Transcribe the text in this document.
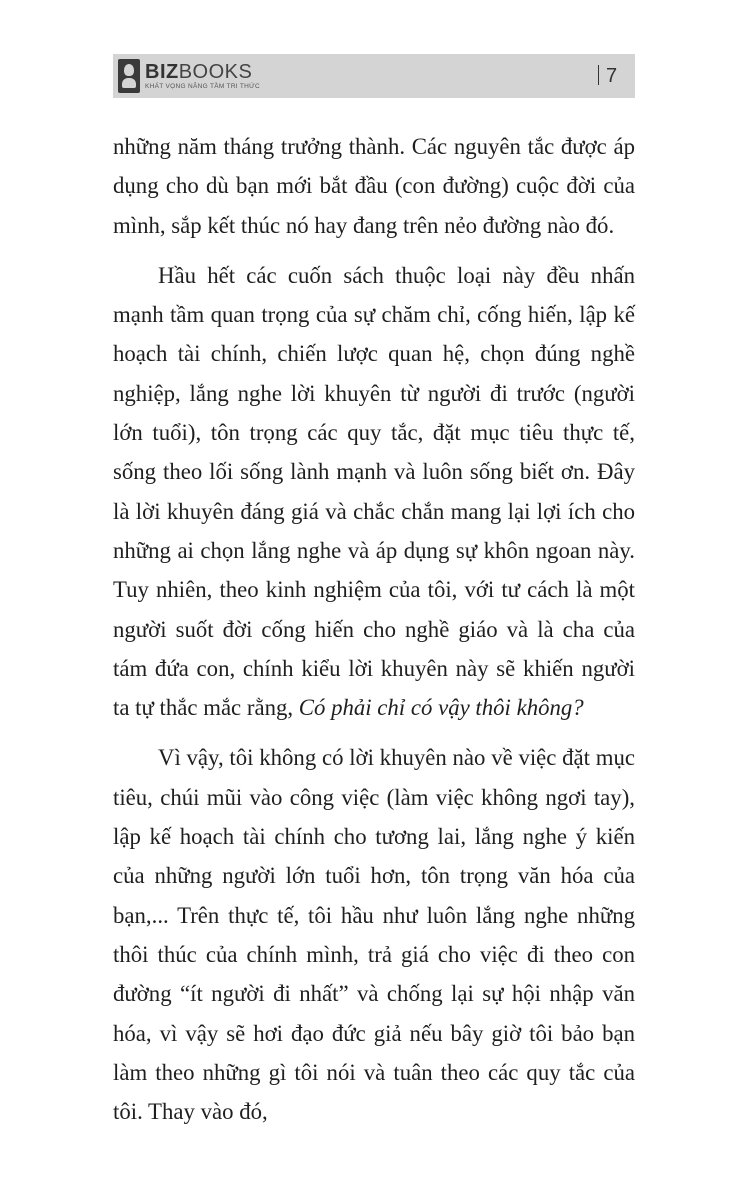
BIZBOOKS
KHÁT VỌNG NÂNG TẦM TRI THỨC	7

những năm tháng trưởng thành. Các nguyên tắc được áp dụng cho dù bạn mới bắt đầu (con đường) cuộc đời của mình, sắp kết thúc nó hay đang trên nẻo đường nào đó.

Hầu hết các cuốn sách thuộc loại này đều nhấn mạnh tầm quan trọng của sự chăm chỉ, cống hiến, lập kế hoạch tài chính, chiến lược quan hệ, chọn đúng nghề nghiệp, lắng nghe lời khuyên từ người đi trước (người lớn tuổi), tôn trọng các quy tắc, đặt mục tiêu thực tế, sống theo lối sống lành mạnh và luôn sống biết ơn. Đây là lời khuyên đáng giá và chắc chắn mang lại lợi ích cho những ai chọn lắng nghe và áp dụng sự khôn ngoan này. Tuy nhiên, theo kinh nghiệm của tôi, với tư cách là một người suốt đời cống hiến cho nghề giáo và là cha của tám đứa con, chính kiểu lời khuyên này sẽ khiến người ta tự thắc mắc rằng, Có phải chỉ có vậy thôi không?

Vì vậy, tôi không có lời khuyên nào về việc đặt mục tiêu, chúi mũi vào công việc (làm việc không ngơi tay), lập kế hoạch tài chính cho tương lai, lắng nghe ý kiến của những người lớn tuổi hơn, tôn trọng văn hóa của bạn,... Trên thực tế, tôi hầu như luôn lắng nghe những thôi thúc của chính mình, trả giá cho việc đi theo con đường “ít người đi nhất” và chống lại sự hội nhập văn hóa, vì vậy sẽ hơi đạo đức giả nếu bây giờ tôi bảo bạn làm theo những gì tôi nói và tuân theo các quy tắc của tôi. Thay vào đó,
